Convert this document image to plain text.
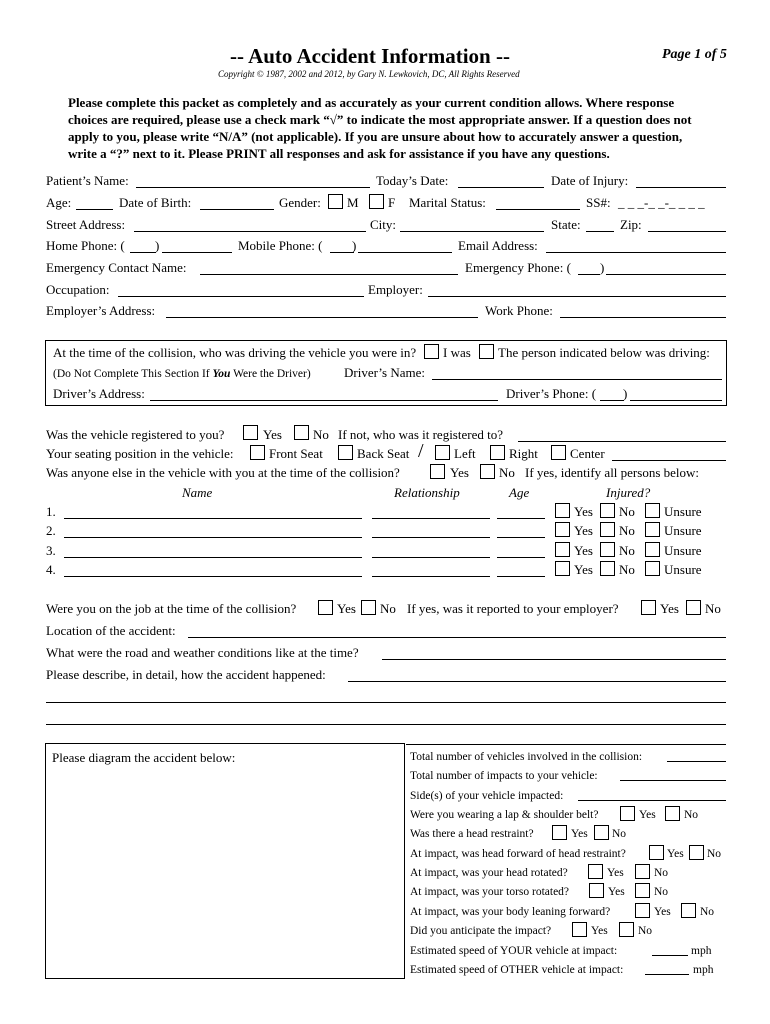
-- Auto Accident Information --	Page 1 of 5
Copyright © 1987, 2002 and 2012, by Gary N. Lewkovich, DC, All Rights Reserved
Please complete this packet as completely and as accurately as your current condition allows. Where response choices are required, please use a check mark “√” to indicate the most appropriate answer. If a question does not apply to you, please write “N/A” (not applicable). If you are unsure about how to accurately answer a question, write a “?” next to it. Please PRINT all responses and ask for assistance if you have any questions.
Patient’s Name:	Today’s Date:	Date of Injury:
Age:	Date of Birth:	Gender: M F Marital Status:	SS#: _ _ _-_ _-_ _ _ _
Street Address:	City:	State:	Zip:
Home Phone: ( )	Mobile Phone: ( )	Email Address:
Emergency Contact Name:	Emergency Phone: ( )
Occupation:	Employer:
Employer’s Address:	Work Phone:
At the time of the collision, who was driving the vehicle you were in? I was The person indicated below was driving:
(Do Not Complete This Section If You Were the Driver)	Driver’s Name:
Driver’s Address:	Driver’s Phone: ( )
Was the vehicle registered to you?	Yes No If not, who was it registered to?
Your seating position in the vehicle:	Front Seat	Back Seat / Left	Right Center
Was anyone else in the vehicle with you at the time of the collision?	Yes No If yes, identify all persons below:
Name	Relationship	Age	Injured?
1.	Yes No Unsure
2.	Yes No Unsure
3.	Yes No Unsure
4.	Yes No Unsure
Were you on the job at the time of the collision?	Yes No If yes, was it reported to your employer?	Yes No
Location of the accident:
What were the road and weather conditions like at the time?
Please describe, in detail, how the accident happened:
Please diagram the accident below:	Total number of vehicles involved in the collision:
Total number of impacts to your vehicle:
Side(s) of your vehicle impacted:
Were you wearing a lap & shoulder belt?	Yes No
Was there a head restraint?	Yes No
At impact, was head forward of head restraint?	Yes No
At impact, was your head rotated?	Yes	No
At impact, was your torso rotated?	Yes	No
At impact, was your body leaning forward?	Yes	No
Did you anticipate the impact?	Yes	No
Estimated speed of YOUR vehicle at impact:	mph
Estimated speed of OTHER vehicle at impact:	mph
